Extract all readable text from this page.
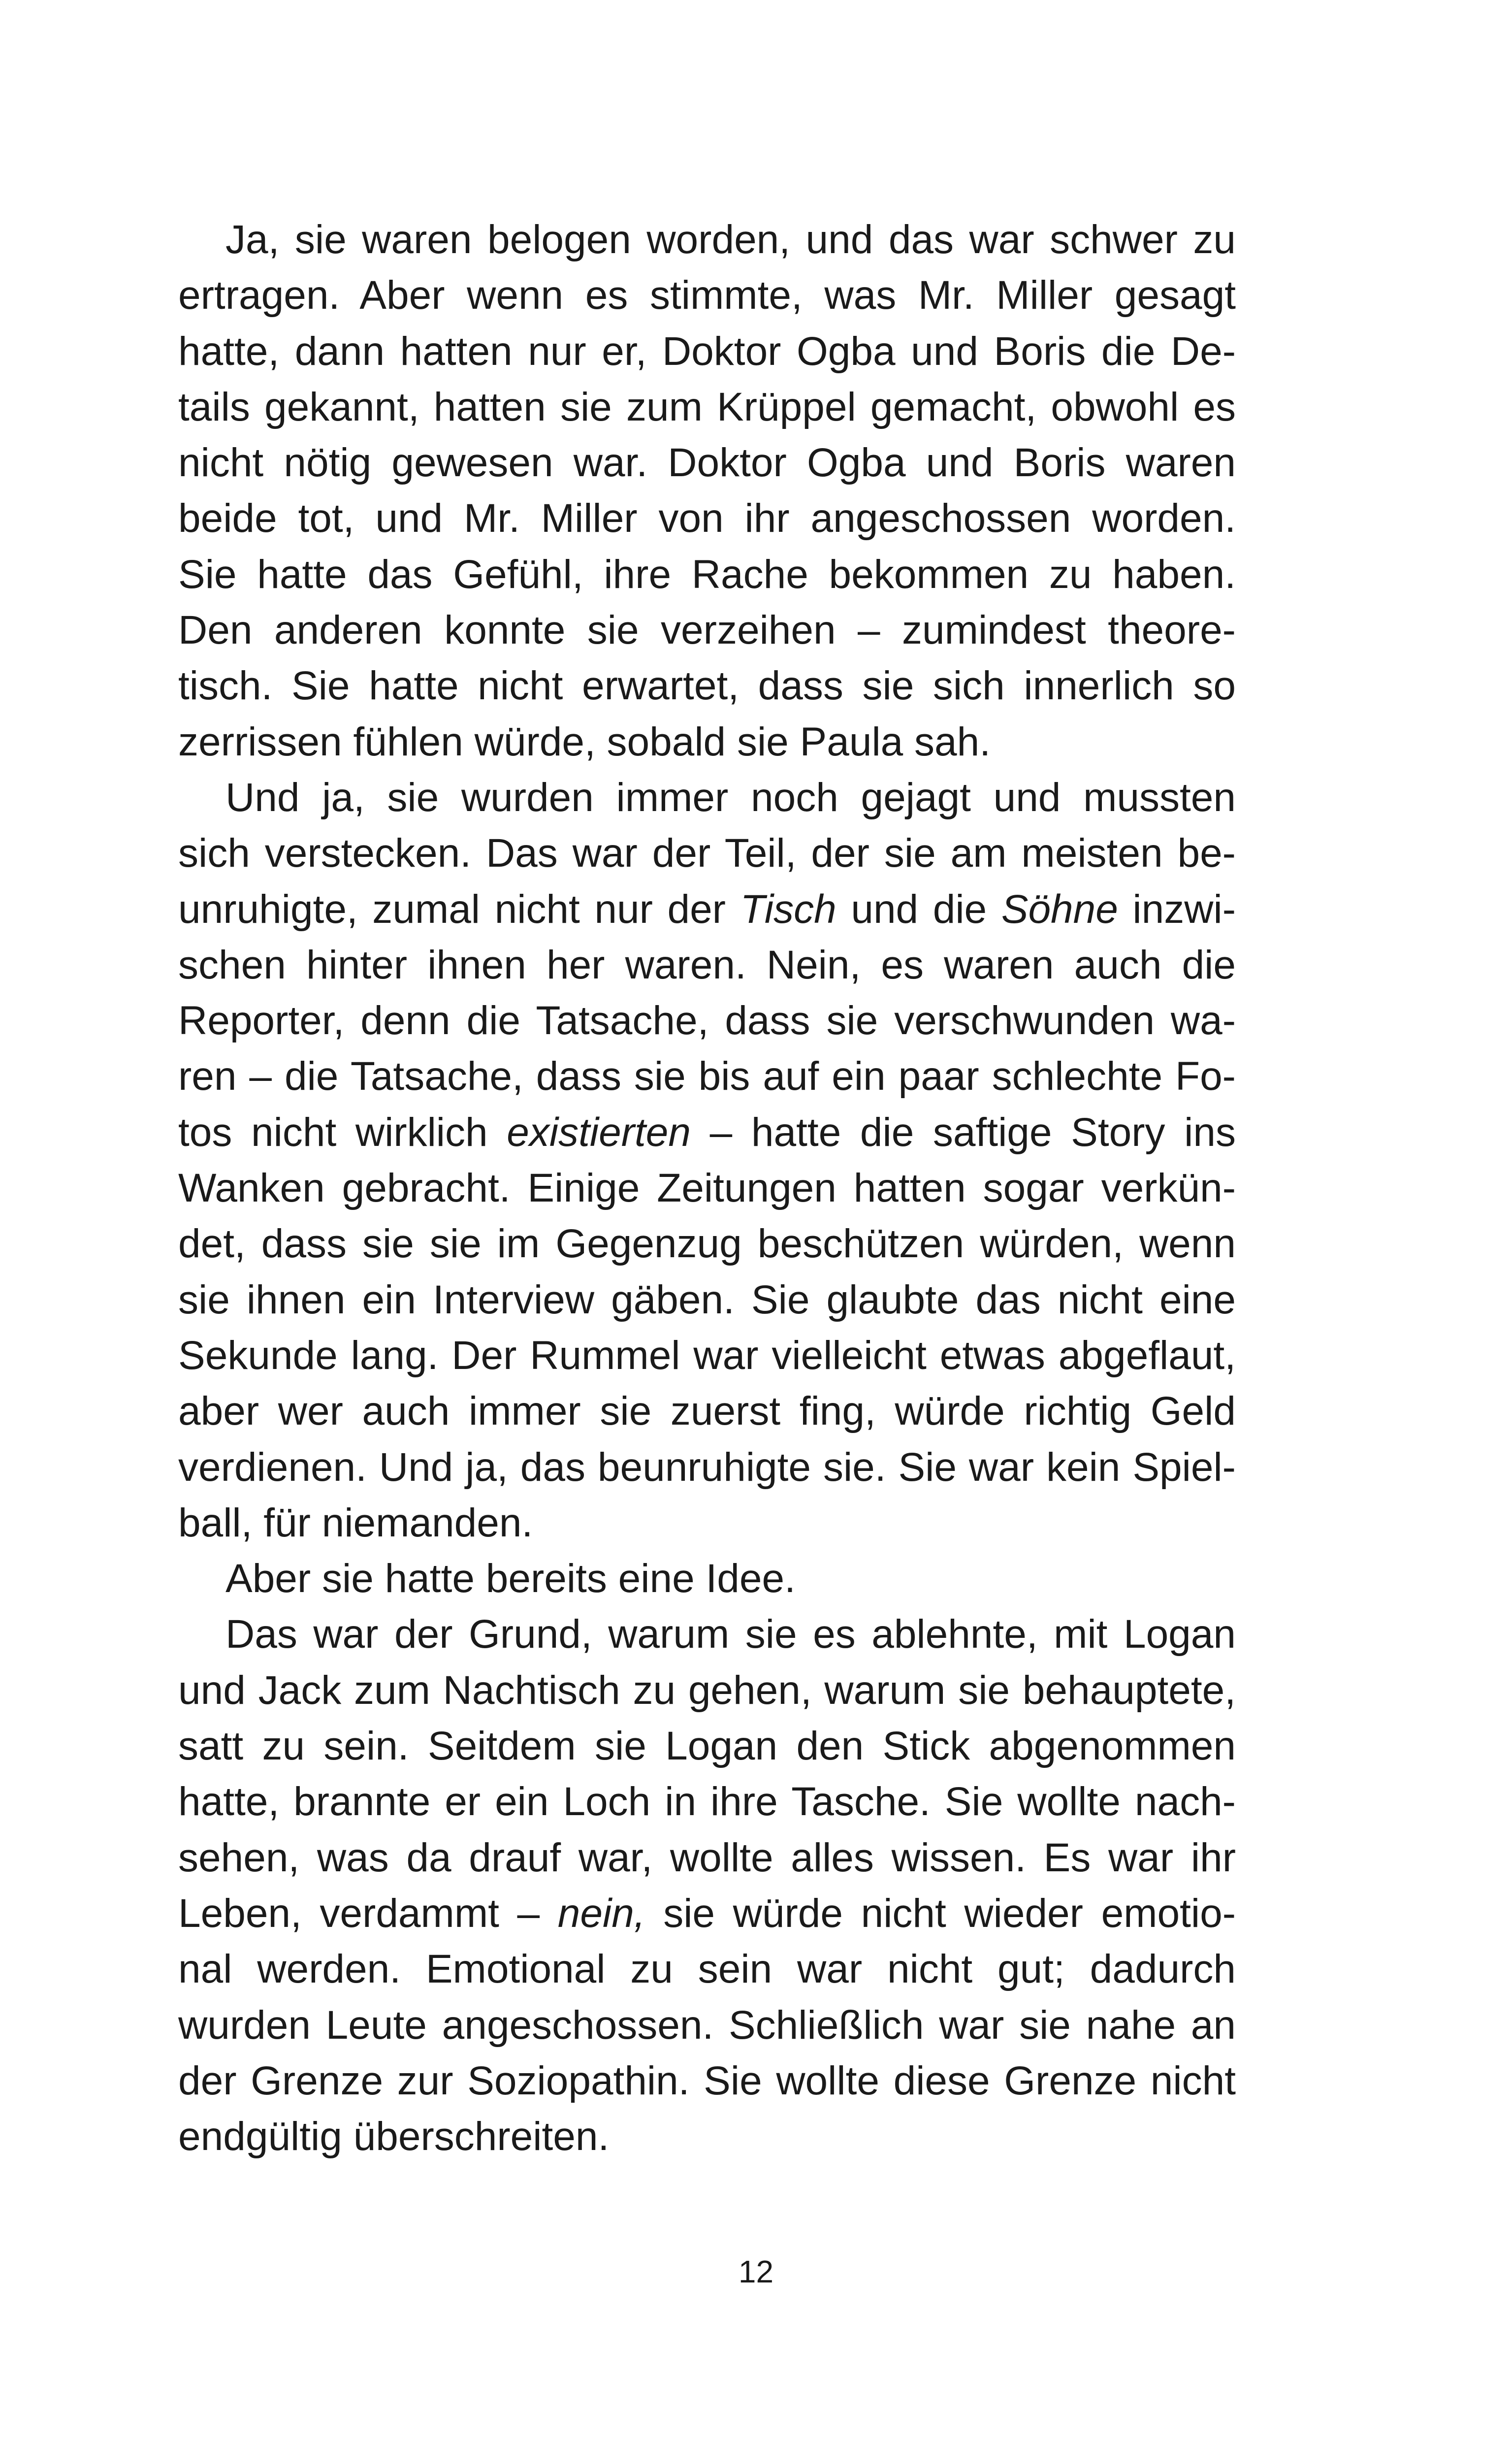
Ja, sie waren belogen worden, und das war schwer zu
ertragen. Aber wenn es stimmte, was Mr. Miller gesagt
hatte, dann hatten nur er, Doktor Ogba und Boris die De-
tails gekannt, hatten sie zum Krüppel gemacht, obwohl es
nicht nötig gewesen war. Doktor Ogba und Boris waren
beide tot, und Mr. Miller von ihr angeschossen worden.
Sie hatte das Gefühl, ihre Rache bekommen zu haben.
Den anderen konnte sie verzeihen – zumindest theore-
tisch. Sie hatte nicht erwartet, dass sie sich innerlich so
zerrissen fühlen würde, sobald sie Paula sah.
Und ja, sie wurden immer noch gejagt und mussten
sich verstecken. Das war der Teil, der sie am meisten be-
unruhigte, zumal nicht nur der Tisch und die Söhne inzwi-
schen hinter ihnen her waren. Nein, es waren auch die
Reporter, denn die Tatsache, dass sie verschwunden wa-
ren – die Tatsache, dass sie bis auf ein paar schlechte Fo-
tos nicht wirklich existierten – hatte die saftige Story ins
Wanken gebracht. Einige Zeitungen hatten sogar verkün-
det, dass sie sie im Gegenzug beschützen würden, wenn
sie ihnen ein Interview gäben. Sie glaubte das nicht eine
Sekunde lang. Der Rummel war vielleicht etwas abgeflaut,
aber wer auch immer sie zuerst fing, würde richtig Geld
verdienen. Und ja, das beunruhigte sie. Sie war kein Spiel-
ball, für niemanden.
Aber sie hatte bereits eine Idee.
Das war der Grund, warum sie es ablehnte, mit Logan
und Jack zum Nachtisch zu gehen, warum sie behauptete,
satt zu sein. Seitdem sie Logan den Stick abgenommen
hatte, brannte er ein Loch in ihre Tasche. Sie wollte nach-
sehen, was da drauf war, wollte alles wissen. Es war ihr
Leben, verdammt – nein, sie würde nicht wieder emotio-
nal werden. Emotional zu sein war nicht gut; dadurch
wurden Leute angeschossen. Schließlich war sie nahe an
der Grenze zur Soziopathin. Sie wollte diese Grenze nicht
endgültig überschreiten.
12
